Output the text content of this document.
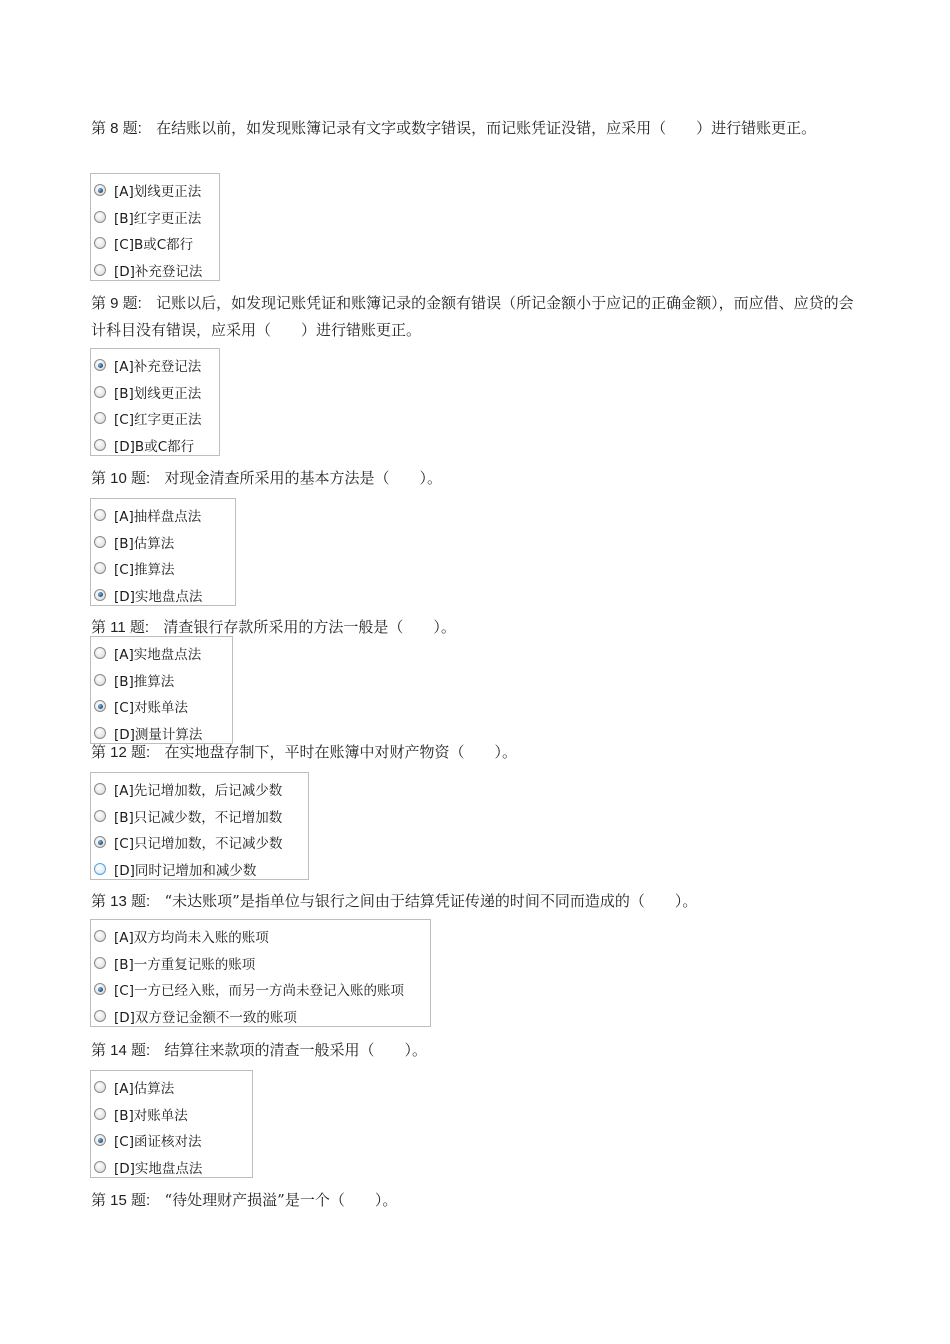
第 8 题: 在结账以前，如发现账簿记录有文字或数字错误，而记账凭证没错，应采用（　　）进行错账更正。
[A]划线更正法
[B]红字更正法
[C]B或C都行
[D]补充登记法
第 9 题: 记账以后，如发现记账凭证和账簿记录的金额有错误（所记金额小于应记的正确金额），而应借、应贷的会计科目没有错误，应采用（　　）进行错账更正。
[A]补充登记法
[B]划线更正法
[C]红字更正法
[D]B或C都行
第 10 题: 对现金清查所采用的基本方法是（　　）。
[A]抽样盘点法
[B]估算法
[C]推算法
[D]实地盘点法
第 11 题: 清查银行存款所采用的方法一般是（　　）。
[A]实地盘点法
[B]推算法
[C]对账单法
[D]测量计算法
第 12 题: 在实地盘存制下，平时在账簿中对财产物资（　　）。
[A]先记增加数，后记减少数
[B]只记减少数，不记增加数
[C]只记增加数，不记减少数
[D]同时记增加和减少数
第 13 题: “未达账项”是指单位与银行之间由于结算凭证传递的时间不同而造成的（　　）。
[A]双方均尚未入账的账项
[B]一方重复记账的账项
[C]一方已经入账，而另一方尚未登记入账的账项
[D]双方登记金额不一致的账项
第 14 题: 结算往来款项的清查一般采用（　　）。
[A]估算法
[B]对账单法
[C]函证核对法
[D]实地盘点法
第 15 题: “待处理财产损溢”是一个（　　）。
